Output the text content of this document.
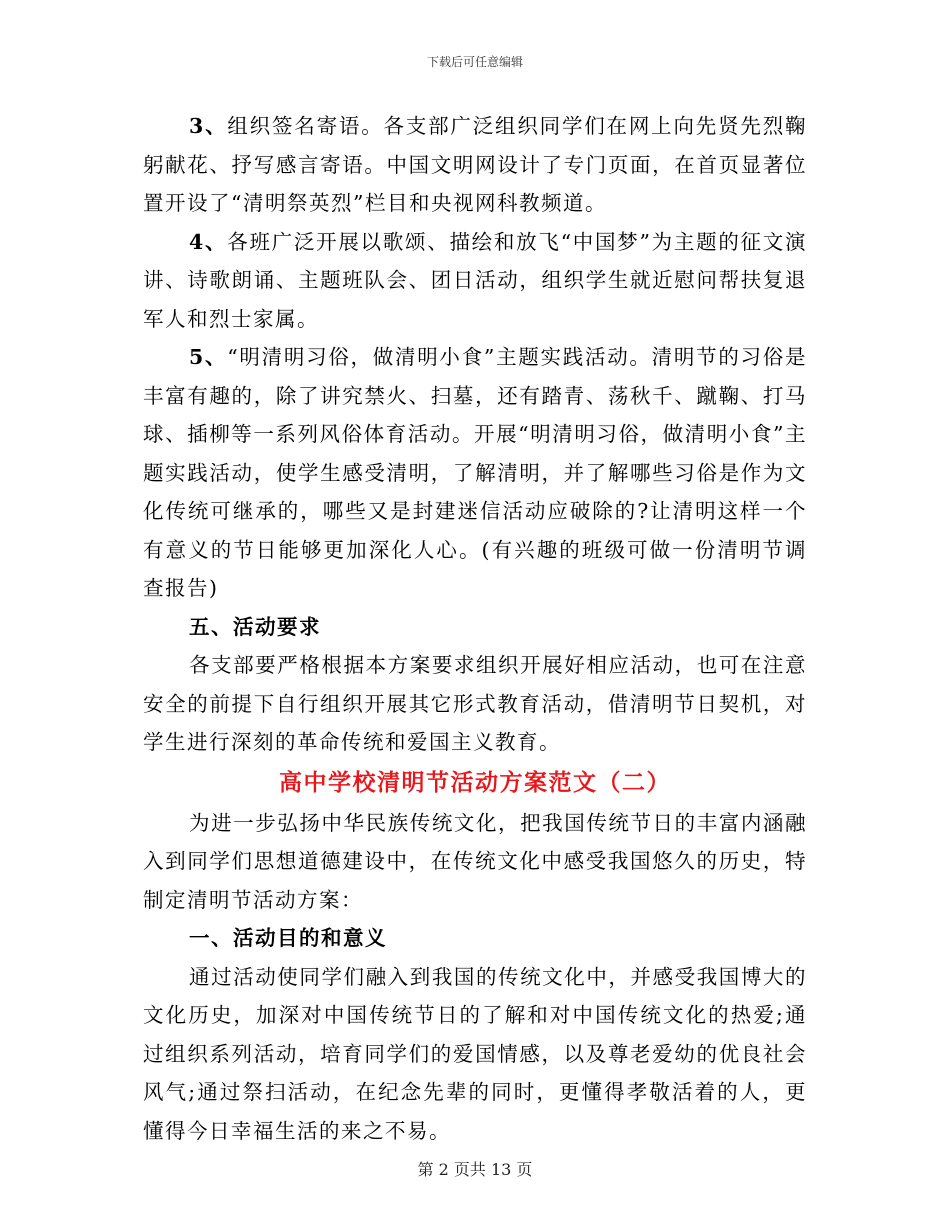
下载后可任意编辑

3、组织签名寄语。各支部广泛组织同学们在网上向先贤先烈鞠躬献花、抒写感言寄语。中国文明网设计了专门页面，在首页显著位置开设了“清明祭英烈”栏目和央视网科教频道。

4、各班广泛开展以歌颂、描绘和放飞“中国梦”为主题的征文演讲、诗歌朗诵、主题班队会、团日活动，组织学生就近慰问帮扶复退军人和烈士家属。

5、“明清明习俗，做清明小食”主题实践活动。清明节的习俗是丰富有趣的，除了讲究禁火、扫墓，还有踏青、荡秋千、蹴鞠、打马球、插柳等一系列风俗体育活动。开展“明清明习俗，做清明小食”主题实践活动，使学生感受清明，了解清明，并了解哪些习俗是作为文化传统可继承的，哪些又是封建迷信活动应破除的?让清明这样一个有意义的节日能够更加深化人心。(有兴趣的班级可做一份清明节调查报告)

五、活动要求

各支部要严格根据本方案要求组织开展好相应活动，也可在注意安全的前提下自行组织开展其它形式教育活动，借清明节日契机，对学生进行深刻的革命传统和爱国主义教育。

高中学校清明节活动方案范文（二）

为进一步弘扬中华民族传统文化，把我国传统节日的丰富内涵融入到同学们思想道德建设中，在传统文化中感受我国悠久的历史，特制定清明节活动方案：

一、活动目的和意义

通过活动使同学们融入到我国的传统文化中，并感受我国博大的文化历史，加深对中国传统节日的了解和对中国传统文化的热爱;通过组织系列活动，培育同学们的爱国情感，以及尊老爱幼的优良社会风气;通过祭扫活动，在纪念先辈的同时，更懂得孝敬活着的人，更懂得今日幸福生活的来之不易。

第 2 页共 13 页
